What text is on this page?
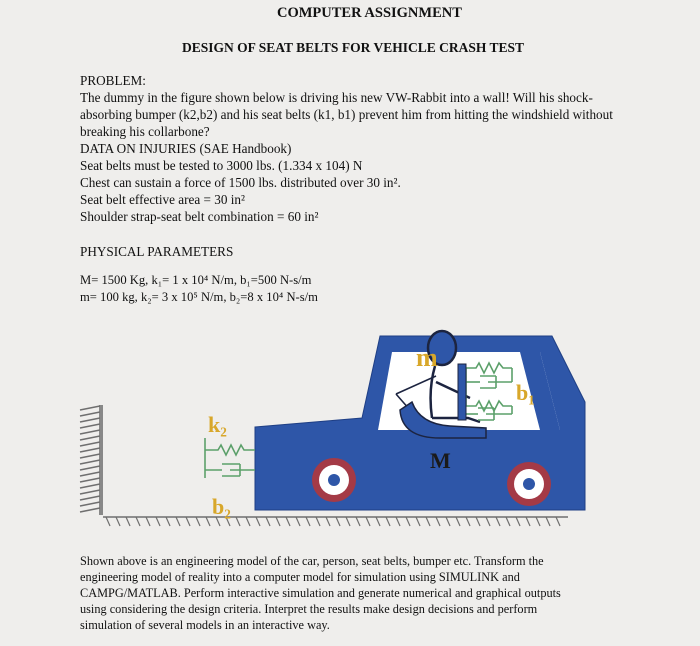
COMPUTER ASSIGNMENT
DESIGN OF SEAT BELTS FOR VEHICLE CRASH TEST
PROBLEM:
The dummy in the figure shown below is driving his new VW-Rabbit into a wall! Will his shock-
absorbing bumper (k2,b2) and his seat belts (k1, b1) prevent him from hitting the windshield without
breaking his collarbone?
DATA ON INJURIES (SAE Handbook)
Seat belts must be tested to 3000 lbs. (1.334 x 104) N
Chest can sustain a force of 1500 lbs. distributed over 30 in².
Seat belt effective area = 30 in²
Shoulder strap-seat belt combination = 60 in²
PHYSICAL PARAMETERS
M= 1500 Kg, k₁= 1 x 10⁴ N/m, b₁=500 N-s/m
m= 100 kg, k₂= 3 x 10⁵ N/m, b₂=8 x 10⁴ N-s/m
m
M
b₁
k₂
b₂
Shown above is an engineering model of the car, person, seat belts, bumper etc. Transform the
engineering model of reality into a computer model for simulation using SIMULINK and
CAMPG/MATLAB. Perform interactive simulation and generate numerical and graphical outputs
using considering the design criteria. Interpret the results make design decisions and perform
simulation of several models in an interactive way.
